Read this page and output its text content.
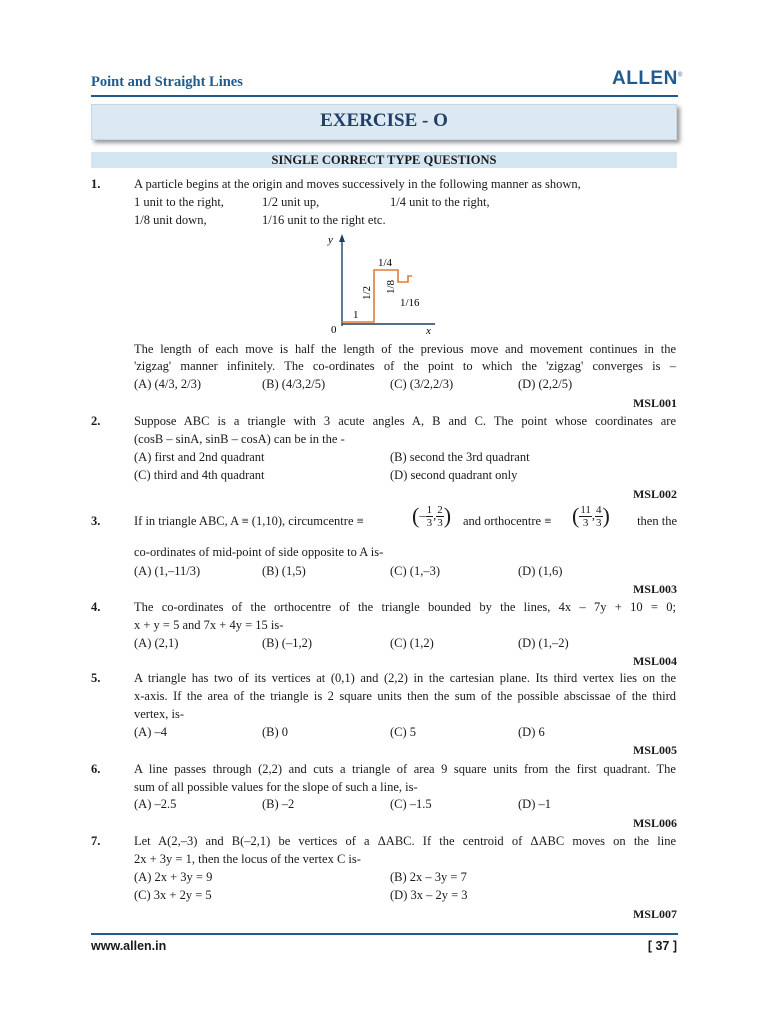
Point and Straight Lines	ALLEN®
EXERCISE - O
SINGLE CORRECT TYPE QUESTIONS
1.	A particle begins at the origin and moves successively in the following manner as shown,
1 unit to the right,	1/2 unit up,	1/4 unit to the right,
1/8 unit down,	1/16 unit to the right etc.
y
x
0
1
1/2
1/4
1/8
1/16
The length of each move is half the length of the previous move and movement continues in the
'zigzag' manner infinitely. The co-ordinates of the point to which the 'zigzag' converges is –
(A) (4/3, 2/3)	(B) (4/3,2/5)	(C) (3/2,2/3)	(D) (2,2/5)
MSL001
2.	Suppose ABC is a triangle with 3 acute angles A, B and C. The point whose coordinates are
(cosB – sinA, sinB – cosA) can be in the -
(A) first and 2nd quadrant	(B) second the 3rd quadrant
(C) third and 4th quadrant	(D) second quadrant only
MSL002
3.	If in triangle ABC, A ≡ (1,10), circumcentre ≡ (– $\frac{1}{3}$ , $\frac{2}{3}$ ) and orthocentre ≡ ( $\frac{11}{3}$ , $\frac{4}{3}$ ) then the
co-ordinates of mid-point of side opposite to A is-
(A) (1,–11/3)	(B) (1,5)	(C) (1,–3)	(D) (1,6)
MSL003
4.	The co-ordinates of the orthocentre of the triangle bounded by the lines, 4x – 7y + 10 = 0;
x + y = 5 and 7x + 4y = 15 is-
(A) (2,1)	(B) (–1,2)	(C) (1,2)	(D) (1,–2)
MSL004
5.	A triangle has two of its vertices at (0,1) and (2,2) in the cartesian plane. Its third vertex lies on the
x-axis. If the area of the triangle is 2 square units then the sum of the possible abscissae of the third
vertex, is-
(A) –4	(B) 0	(C) 5	(D) 6
MSL005
6.	A line passes through (2,2) and cuts a triangle of area 9 square units from the first quadrant. The
sum of all possible values for the slope of such a line, is-
(A) –2.5	(B) –2	(C) –1.5	(D) –1
MSL006
7.	Let A(2,–3) and B(–2,1) be vertices of a ΔABC. If the centroid of ΔABC moves on the line
2x + 3y = 1, then the locus of the vertex C is-
(A) 2x + 3y = 9	(B) 2x – 3y = 7
(C) 3x + 2y = 5	(D) 3x – 2y = 3
MSL007
www.allen.in	[ 37 ]
